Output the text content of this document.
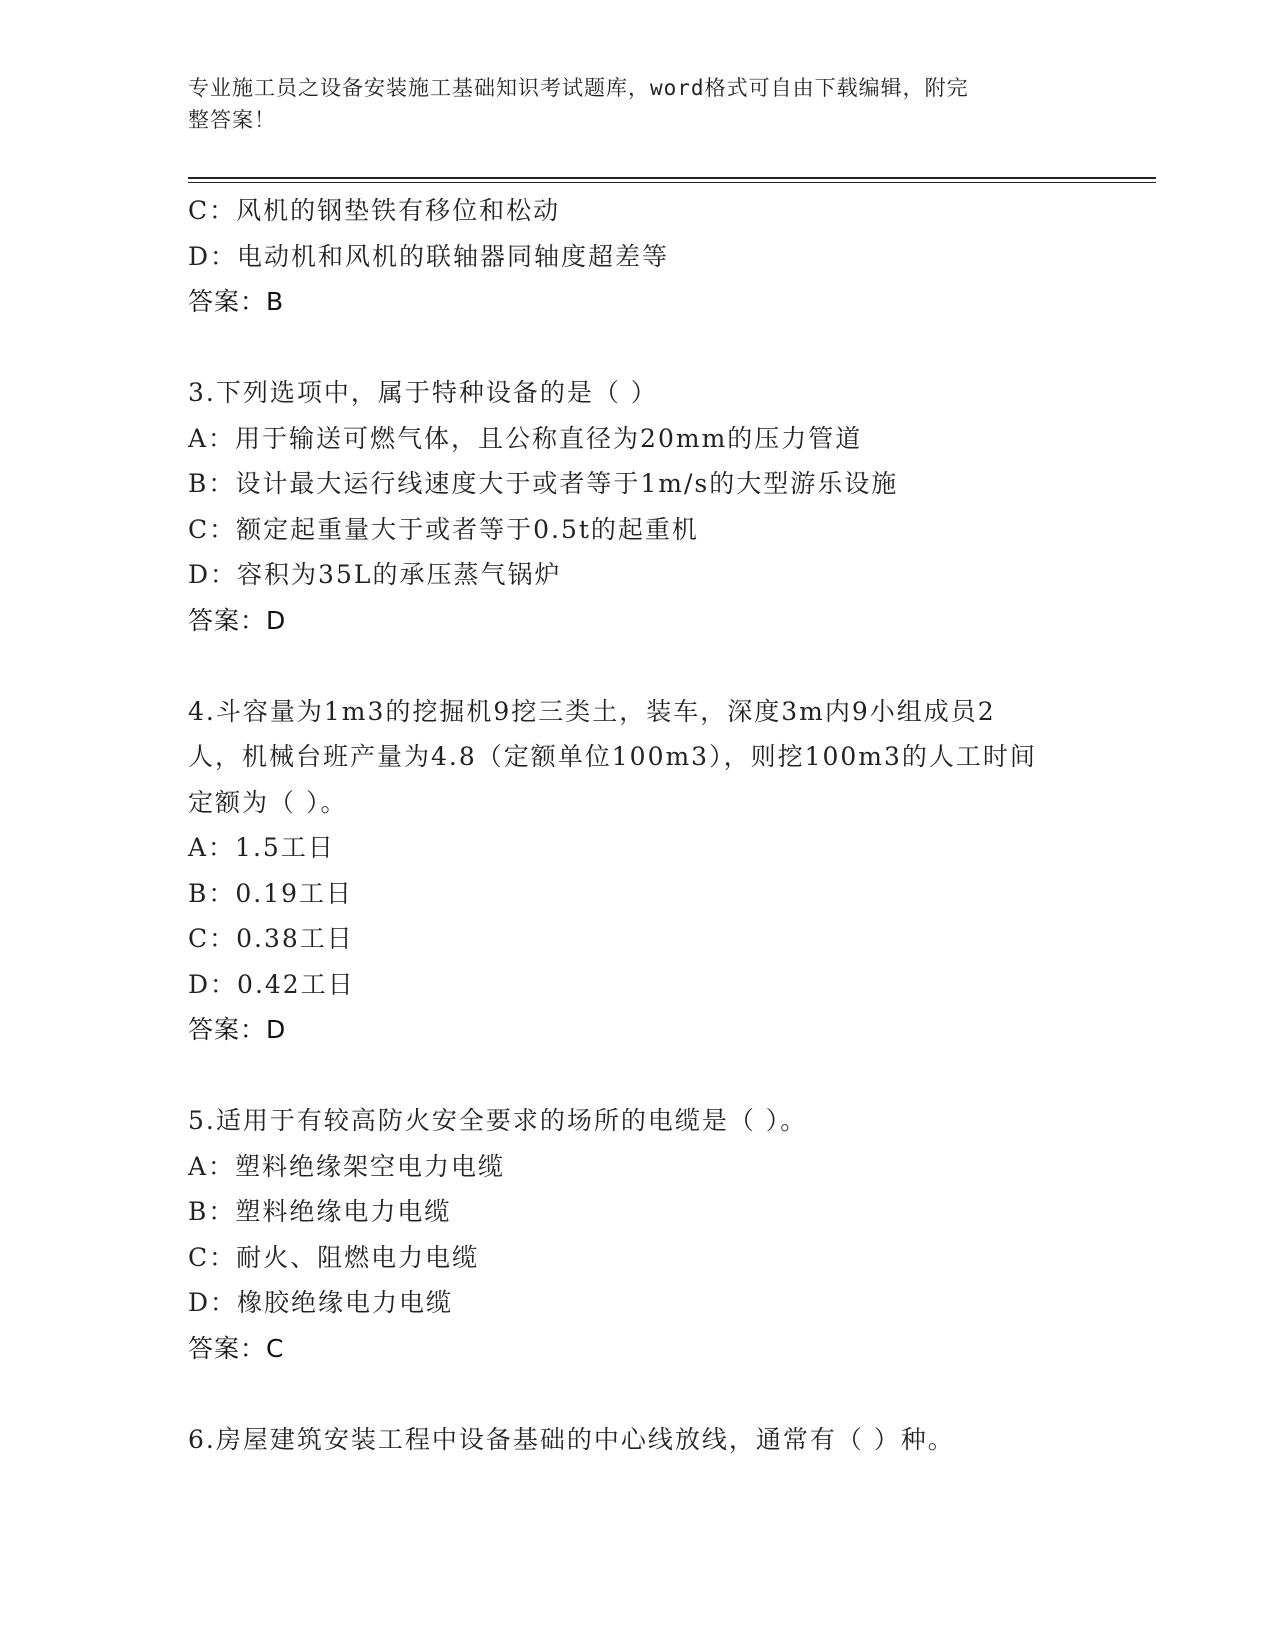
专业施工员之设备安装施工基础知识考试题库，word格式可自由下载编辑，附完
整答案！
C：风机的钢垫铁有移位和松动
D：电动机和风机的联轴器同轴度超差等
答案：B
3.下列选项中，属于特种设备的是（ ）
A：用于输送可燃气体，且公称直径为20mm的压力管道
B：设计最大运行线速度大于或者等于1m/s的大型游乐设施
C：额定起重量大于或者等于0.5t的起重机
D：容积为35L的承压蒸气锅炉
答案：D
4.斗容量为1m3的挖掘机9挖三类土，装车，深度3m内9小组成员2
人，机械台班产量为4.8（定额单位100m3），则挖100m3的人工时间
定额为（ ）。
A：1.5工日
B：0.19工日
C：0.38工日
D：0.42工日
答案：D
5.适用于有较高防火安全要求的场所的电缆是（ ）。
A：塑料绝缘架空电力电缆
B：塑料绝缘电力电缆
C：耐火、阻燃电力电缆
D：橡胶绝缘电力电缆
答案：C
6.房屋建筑安装工程中设备基础的中心线放线，通常有（ ）种。
